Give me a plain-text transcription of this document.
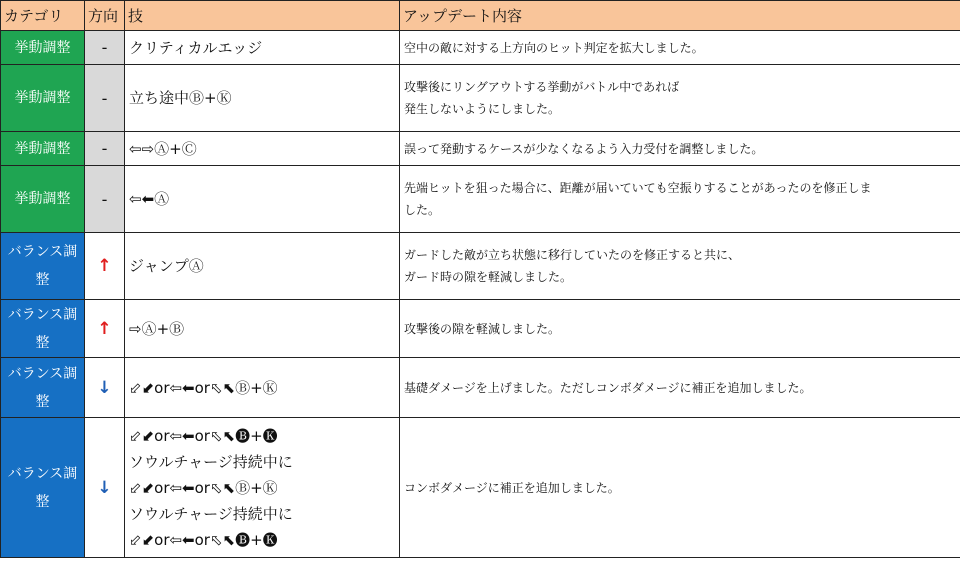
カテゴリ	方向	技	アップデート内容
挙動調整	-	クリティカルエッジ	空中の敵に対する上方向のヒット判定を拡大しました。

挙動調整	-	立ち途中Ⓑ+Ⓚ	攻撃後にリングアウトする挙動がバトル中であれば
発生しないようにしました。

挙動調整	-	⇦⇨Ⓐ+Ⓒ	誤って発動するケースが少なくなるよう入力受付を調整しました。

挙動調整	-	⇦⬅Ⓐ	先端ヒットを狙った場合に、距離が届いていても空振りすることがあったのを修正しま
した。

バランス調整	↑	ジャンプⒶ	ガードした敵が立ち状態に移行していたのを修正すると共に、
ガード時の隙を軽減しました。

バランス調整	↑	⇨Ⓐ+Ⓑ	攻撃後の隙を軽減しました。

バランス調整	↓	⬃⬋or⇦⬅or⬁⬉Ⓑ+Ⓚ	基礎ダメージを上げました。ただしコンボダメージに補正を追加しました。

バランス調整	↓	⬃⬋or⇦⬅or⬁⬉🅑+🅚
ソウルチャージ持続中に
⬃⬋or⇦⬅or⬁⬉Ⓑ+Ⓚ
ソウルチャージ持続中に
⬃⬋or⇦⬅or⬁⬉🅑+🅚	コンボダメージに補正を追加しました。
